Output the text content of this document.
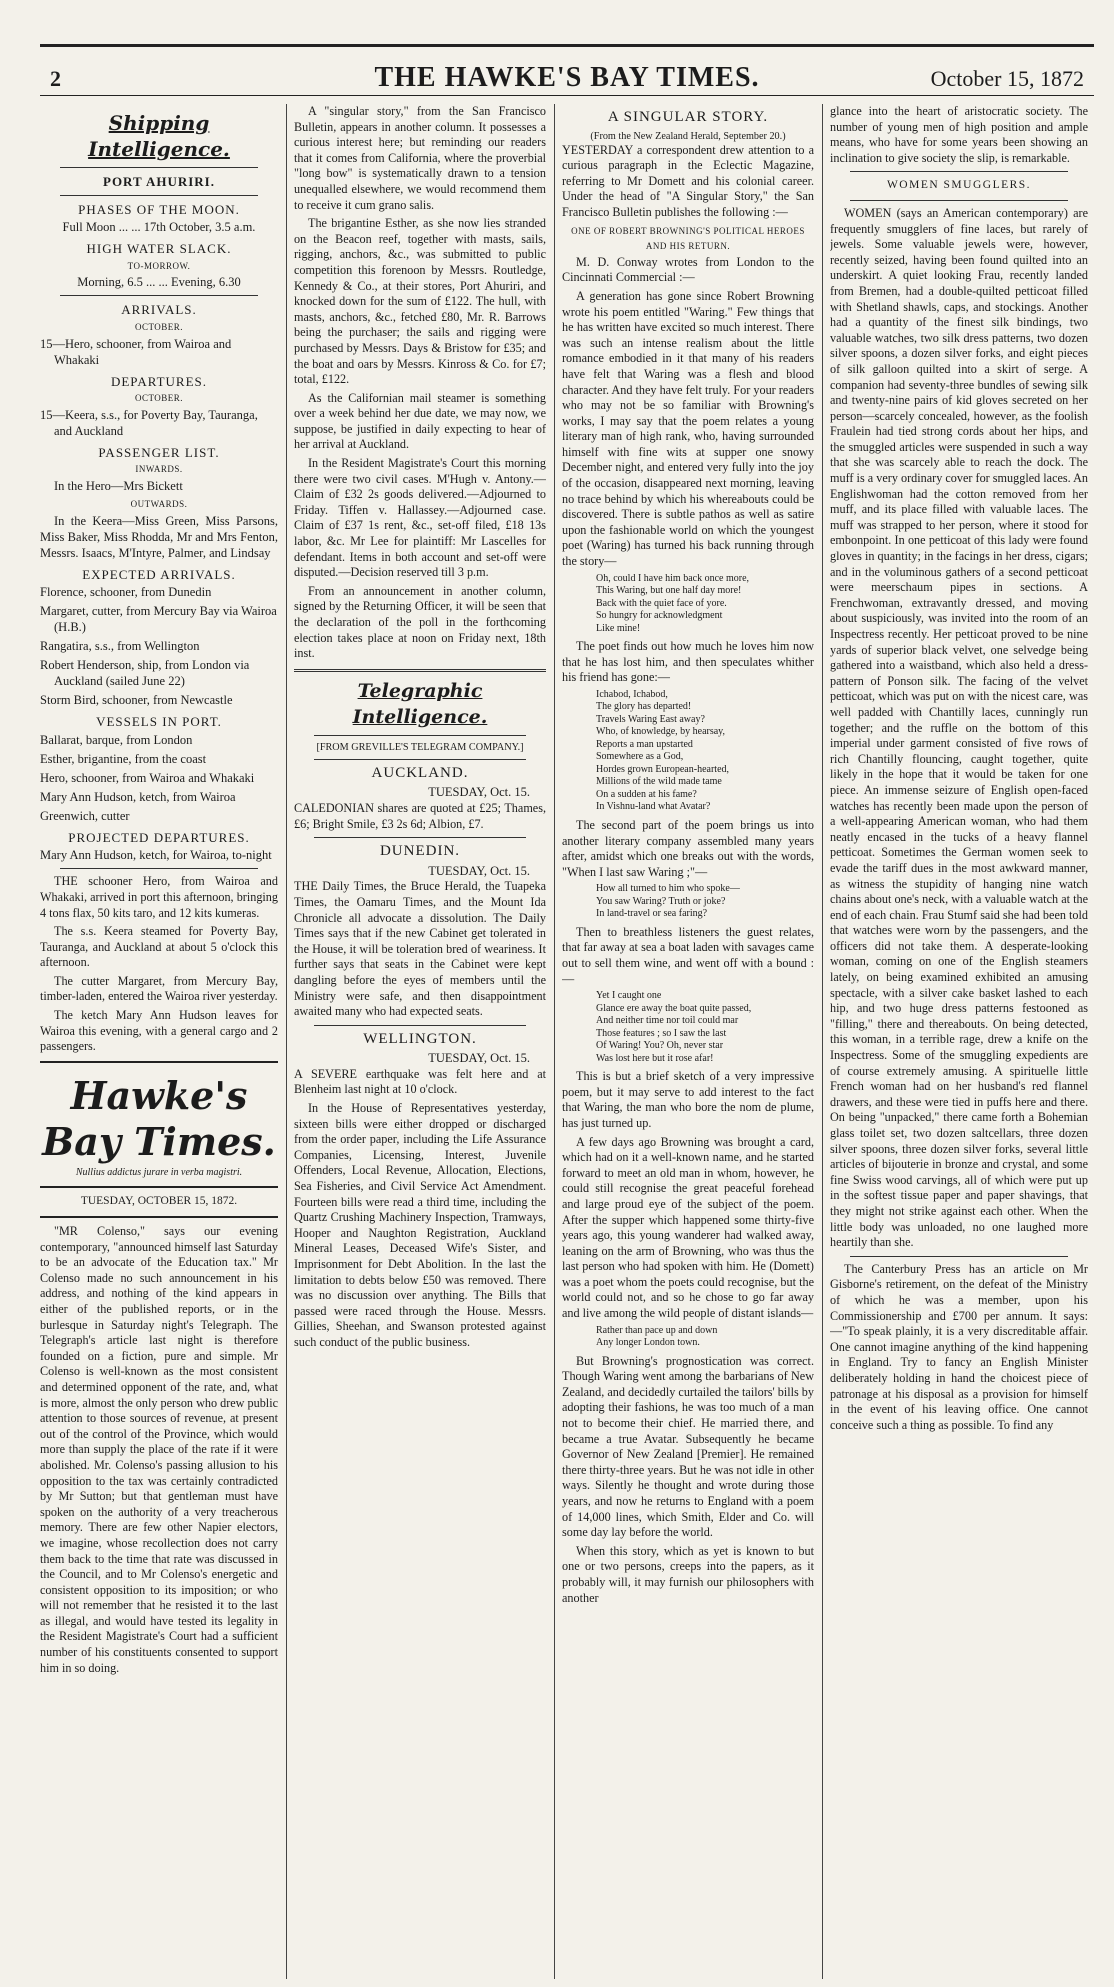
2	THE HAWKE'S BAY TIMES.	October 15, 1872
Shipping Intelligence.
PORT AHURIRI.
PHASES OF THE MOON.
Full Moon ... ... 17th October, 3.5 a.m.
HIGH WATER SLACK.
TO-MORROW.
Morning, 6.5 ... ... Evening, 6.30
ARRIVALS.
OCTOBER.

15—Hero, schooner, from Wairoa and Whakaki

DEPARTURES.
OCTOBER.

15—Keera, s.s., for Poverty Bay, Tauranga, and Auckland

PASSENGER LIST.
INWARDS.

In the Hero—Mrs Bickett

OUTWARDS.

In the Keera—Miss Green, Miss Parsons, Miss Baker, Miss Rhodda, Mr and Mrs Fenton, Messrs. Isaacs, M'Intyre, Palmer, and Lindsay

EXPECTED ARRIVALS.

Florence, schooner, from Dunedin

Margaret, cutter, from Mercury Bay via Wairoa (H.B.)

Rangatira, s.s., from Wellington

Robert Henderson, ship, from London via Auckland (sailed June 22)

Storm Bird, schooner, from Newcastle

VESSELS IN PORT.

Ballarat, barque, from London

Esther, brigantine, from the coast

Hero, schooner, from Wairoa and Whakaki

Mary Ann Hudson, ketch, from Wairoa

Greenwich, cutter

PROJECTED DEPARTURES.

Mary Ann Hudson, ketch, for Wairoa, to-night

THE schooner Hero, from Wairoa and Whakaki, arrived in port this afternoon, bringing 4 tons flax, 50 kits taro, and 12 kits kumeras.

The s.s. Keera steamed for Poverty Bay, Tauranga, and Auckland at about 5 o'clock this afternoon.

The cutter Margaret, from Mercury Bay, timber-laden, entered the Wairoa river yesterday.

The ketch Mary Ann Hudson leaves for Wairoa this evening, with a general cargo and 2 passengers.

Hawke's Bay Times.
Nullius addictus jurare in verba magistri.
TUESDAY, OCTOBER 15, 1872.

"MR Colenso," says our evening contemporary, "announced himself last Saturday to be an advocate of the Education tax." Mr Colenso made no such announcement in his address, and nothing of the kind appears in either of the published reports, or in the burlesque in Saturday night's Telegraph. The Telegraph's article last night is therefore founded on a fiction, pure and simple. Mr Colenso is well-known as the most consistent and determined opponent of the rate, and, what is more, almost the only person who drew public attention to those sources of revenue, at present out of the control of the Province, which would more than supply the place of the rate if it were abolished. Mr. Colenso's passing allusion to his opposition to the tax was certainly contradicted by Mr Sutton; but that gentleman must have spoken on the authority of a very treacherous memory. There are few other Napier electors, we imagine, whose recollection does not carry them back to the time that rate was discussed in the Council, and to Mr Colenso's energetic and consistent opposition to its imposition; or who will not remember that he resisted it to the last as illegal, and would have tested its legality in the Resident Magistrate's Court had a sufficient number of his constituents consented to support him in so doing.

A "singular story," from the San Francisco Bulletin, appears in another column. It possesses a curious interest here; but reminding our readers that it comes from California, where the proverbial "long bow" is systematically drawn to a tension unequalled elsewhere, we would recommend them to receive it cum grano salis.

The brigantine Esther, as she now lies stranded on the Beacon reef, together with masts, sails, rigging, anchors, &c., was submitted to public competition this forenoon by Messrs. Routledge, Kennedy & Co., at their stores, Port Ahuriri, and knocked down for the sum of £122. The hull, with masts, anchors, &c., fetched £80, Mr. R. Barrows being the purchaser; the sails and rigging were purchased by Messrs. Days & Bristow for £35; and the boat and oars by Messrs. Kinross & Co. for £7; total, £122.

As the Californian mail steamer is something over a week behind her due date, we may now, we suppose, be justified in daily expecting to hear of her arrival at Auckland.

In the Resident Magistrate's Court this morning there were two civil cases. M'Hugh v. Antony.—Claim of £32 2s goods delivered.—Adjourned to Friday. Tiffen v. Hallassey.—Adjourned case. Claim of £37 1s rent, &c., set-off filed, £18 13s labor, &c. Mr Lee for plaintiff: Mr Lascelles for defendant. Items in both account and set-off were disputed.—Decision reserved till 3 p.m.

From an announcement in another column, signed by the Returning Officer, it will be seen that the declaration of the poll in the forthcoming election takes place at noon on Friday next, 18th inst.

Telegraphic Intelligence.
[FROM GREVILLE'S TELEGRAM COMPANY.]
AUCKLAND.
TUESDAY, Oct. 15.

CALEDONIAN shares are quoted at £25; Thames, £6; Bright Smile, £3 2s 6d; Albion, £7.

DUNEDIN.
TUESDAY, Oct. 15.

THE Daily Times, the Bruce Herald, the Tuapeka Times, the Oamaru Times, and the Mount Ida Chronicle all advocate a dissolution. The Daily Times says that if the new Cabinet get tolerated in the House, it will be toleration bred of weariness. It further says that seats in the Cabinet were kept dangling before the eyes of members until the Ministry were safe, and then disappointment awaited many who had expected seats.

WELLINGTON.
TUESDAY, Oct. 15.

A SEVERE earthquake was felt here and at Blenheim last night at 10 o'clock.

In the House of Representatives yesterday, sixteen bills were either dropped or discharged from the order paper, including the Life Assurance Companies, Licensing, Interest, Juvenile Offenders, Local Revenue, Allocation, Elections, Sea Fisheries, and Civil Service Act Amendment. Fourteen bills were read a third time, including the Quartz Crushing Machinery Inspection, Tramways, Hooper and Naughton Registration, Auckland Mineral Leases, Deceased Wife's Sister, and Imprisonment for Debt Abolition. In the last the limitation to debts below £50 was removed. There was no discussion over anything. The Bills that passed were raced through the House. Messrs. Gillies, Sheehan, and Swanson protested against such conduct of the public business.

A SINGULAR STORY.
(From the New Zealand Herald, September 20.)

YESTERDAY a correspondent drew attention to a curious paragraph in the Eclectic Magazine, referring to Mr Domett and his colonial career. Under the head of "A Singular Story," the San Francisco Bulletin publishes the following :—

ONE OF ROBERT BROWNING'S POLITICAL HEROES AND HIS RETURN.

M. D. Conway wrotes from London to the Cincinnati Commercial :—

A generation has gone since Robert Browning wrote his poem entitled "Waring." Few things that he has written have excited so much interest. There was such an intense realism about the little romance embodied in it that many of his readers have felt that Waring was a flesh and blood character. And they have felt truly. For your readers who may not be so familiar with Browning's works, I may say that the poem relates a young literary man of high rank, who, having surrounded himself with fine wits at supper one snowy December night, and entered very fully into the joy of the occasion, disappeared next morning, leaving no trace behind by which his whereabouts could be discovered. There is subtle pathos as well as satire upon the fashionable world on which the youngest poet (Waring) has turned his back running through the story—

Oh, could I have him back once more,
This Waring, but one half day more!
Back with the quiet face of yore.
So hungry for acknowledgment
Like mine!

The poet finds out how much he loves him now that he has lost him, and then speculates whither his friend has gone:—

Ichabod, Ichabod,
The glory has departed!
Travels Waring East away?
Who, of knowledge, by hearsay,
Reports a man upstarted
Somewhere as a God,
Hordes grown European-hearted,
Millions of the wild made tame
On a sudden at his fame?
In Vishnu-land what Avatar?

The second part of the poem brings us into another literary company assembled many years after, amidst which one breaks out with the words, "When I last saw Waring ;"—

How all turned to him who spoke—
You saw Waring? Truth or joke?
In land-travel or sea faring?

Then to breathless listeners the guest relates, that far away at sea a boat laden with savages came out to sell them wine, and went off with a bound :—

Yet I caught one
Glance ere away the boat quite passed,
And neither time nor toil could mar
Those features ; so I saw the last
Of Waring! You? Oh, never star
Was lost here but it rose afar!

This is but a brief sketch of a very impressive poem, but it may serve to add interest to the fact that Waring, the man who bore the nom de plume, has just turned up.

A few days ago Browning was brought a card, which had on it a well-known name, and he started forward to meet an old man in whom, however, he could still recognise the great peaceful forehead and large proud eye of the subject of the poem. After the supper which happened some thirty-five years ago, this young wanderer had walked away, leaning on the arm of Browning, who was thus the last person who had spoken with him. He (Domett) was a poet whom the poets could recognise, but the world could not, and so he chose to go far away and live among the wild people of distant islands—

Rather than pace up and down
Any longer London town.

But Browning's prognostication was correct. Though Waring went among the barbarians of New Zealand, and decidedly curtailed the tailors' bills by adopting their fashions, he was too much of a man not to become their chief. He married there, and became a true Avatar. Subsequently he became Governor of New Zealand [Premier]. He remained there thirty-three years. But he was not idle in other ways. Silently he thought and wrote during those years, and now he returns to England with a poem of 14,000 lines, which Smith, Elder and Co. will some day lay before the world.

When this story, which as yet is known to but one or two persons, creeps into the papers, as it probably will, it may furnish our philosophers with another

glance into the heart of aristocratic society. The number of young men of high position and ample means, who have for some years been showing an inclination to give society the slip, is remarkable.

WOMEN SMUGGLERS.

WOMEN (says an American contemporary) are frequently smugglers of fine laces, but rarely of jewels. Some valuable jewels were, however, recently seized, having been found quilted into an underskirt. A quiet looking Frau, recently landed from Bremen, had a double-quilted petticoat filled with Shetland shawls, caps, and stockings. Another had a quantity of the finest silk bindings, two valuable watches, two silk dress patterns, two dozen silver spoons, a dozen silver forks, and eight pieces of silk galloon quilted into a skirt of serge. A companion had seventy-three bundles of sewing silk and twenty-nine pairs of kid gloves secreted on her person—scarcely concealed, however, as the foolish Fraulein had tied strong cords about her hips, and the smuggled articles were suspended in such a way that she was scarcely able to reach the dock. The muff is a very ordinary cover for smuggled laces. An Englishwoman had the cotton removed from her muff, and its place filled with valuable laces. The muff was strapped to her person, where it stood for embonpoint. In one petticoat of this lady were found gloves in quantity; in the facings in her dress, cigars; and in the voluminous gathers of a second petticoat were meerschaum pipes in sections. A Frenchwoman, extravantly dressed, and moving about suspiciously, was invited into the room of an Inspectress recently. Her petticoat proved to be nine yards of superior black velvet, one selvedge being gathered into a waistband, which also held a dress-pattern of Ponson silk. The facing of the velvet petticoat, which was put on with the nicest care, was well padded with Chantilly laces, cunningly run together; and the ruffle on the bottom of this imperial under garment consisted of five rows of rich Chantilly flouncing, caught together, quite likely in the hope that it would be taken for one piece. An immense seizure of English open-faced watches has recently been made upon the person of a well-appearing American woman, who had them neatly encased in the tucks of a heavy flannel petticoat. Sometimes the German women seek to evade the tariff dues in the most awkward manner, as witness the stupidity of hanging nine watch chains about one's neck, with a valuable watch at the end of each chain. Frau Stumf said she had been told that watches were worn by the passengers, and the officers did not take them. A desperate-looking woman, coming on one of the English steamers lately, on being examined exhibited an amusing spectacle, with a silver cake basket lashed to each hip, and two huge dress patterns festooned as "filling," there and thereabouts. On being detected, this woman, in a terrible rage, drew a knife on the Inspectress. Some of the smuggling expedients are of course extremely amusing. A spirituelle little French woman had on her husband's red flannel drawers, and these were tied in puffs here and there. On being "unpacked," there came forth a Bohemian glass toilet set, two dozen saltcellars, three dozen silver spoons, three dozen silver forks, several little articles of bijouterie in bronze and crystal, and some fine Swiss wood carvings, all of which were put up in the softest tissue paper and paper shavings, that they might not strike against each other. When the little body was unloaded, no one laughed more heartily than she.

The Canterbury Press has an article on Mr Gisborne's retirement, on the defeat of the Ministry of which he was a member, upon his Commissionership and £700 per annum. It says:—"To speak plainly, it is a very discreditable affair. One cannot imagine anything of the kind happening in England. Try to fancy an English Minister deliberately holding in hand the choicest piece of patronage at his disposal as a provision for himself in the event of his leaving office. One cannot conceive such a thing as possible. To find any
